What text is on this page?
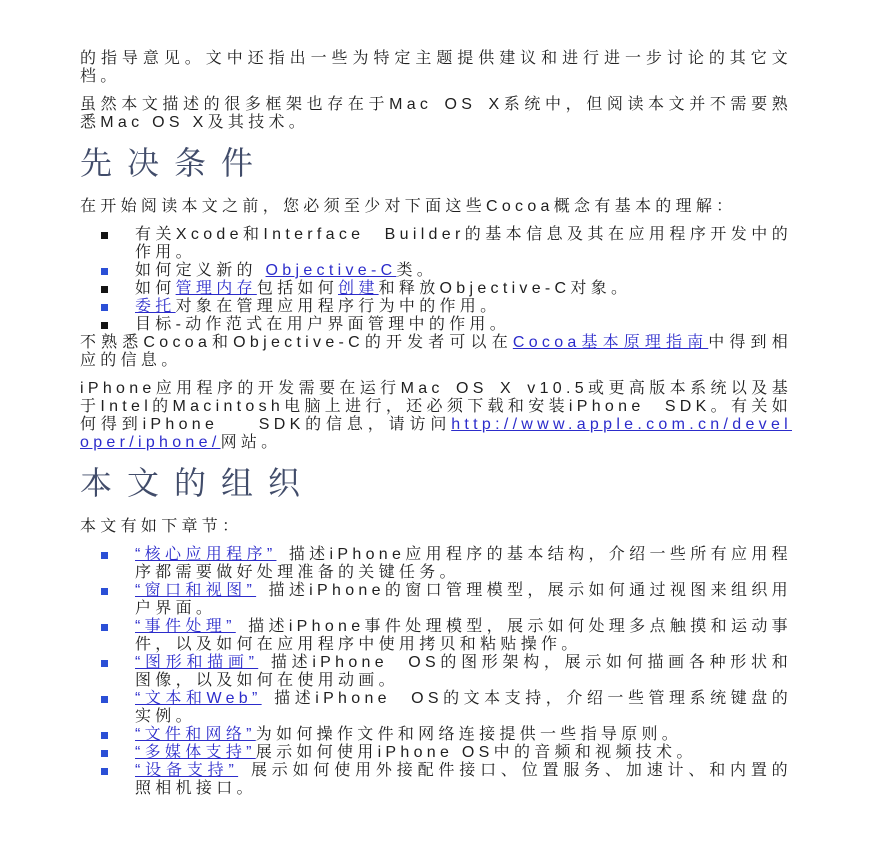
的指导意见。文中还指出一些为特定主题提供建议和进行进一步讨论的其它文档。

虽然本文描述的很多框架也存在于Mac OS X系统中，但阅读本文并不需要熟悉Mac OS X及其技术。

先决条件

在开始阅读本文之前，您必须至少对下面这些Cocoa概念有基本的理解：

有关Xcode和Interface Builder的基本信息及其在应用程序开发中的作用。
如何定义新的 Objective-C类。
如何管理内存包括如何创建和释放Objective-C对象。
委托对象在管理应用程序行为中的作用。
目标-动作范式在用户界面管理中的作用。

不熟悉Cocoa和Objective-C的开发者可以在Cocoa基本原理指南中得到相应的信息。

iPhone应用程序的开发需要在运行Mac OS X v10.5或更高版本系统以及基于Intel的Macintosh电脑上进行，还必须下载和安装iPhone SDK。有关如何得到iPhone  SDK的信息，请访问http://www.apple.com.cn/developer/iphone/网站。

本文的组织

本文有如下章节：

“核心应用程序” 描述iPhone应用程序的基本结构，介绍一些所有应用程序都需要做好处理准备的关键任务。
“窗口和视图” 描述iPhone的窗口管理模型，展示如何通过视图来组织用户界面。
“事件处理” 描述iPhone事件处理模型，展示如何处理多点触摸和运动事件，以及如何在应用程序中使用拷贝和粘贴操作。
“图形和描画” 描述iPhone OS的图形架构，展示如何描画各种形状和图像，以及如何在使用动画。
“文本和Web” 描述iPhone OS的文本支持，介绍一些管理系统键盘的实例。
“文件和网络”为如何操作文件和网络连接提供一些指导原则。
“多媒体支持”展示如何使用iPhone OS中的音频和视频技术。
“设备支持” 展示如何使用外接配件接口、位置服务、加速计、和内置的照相机接口。
